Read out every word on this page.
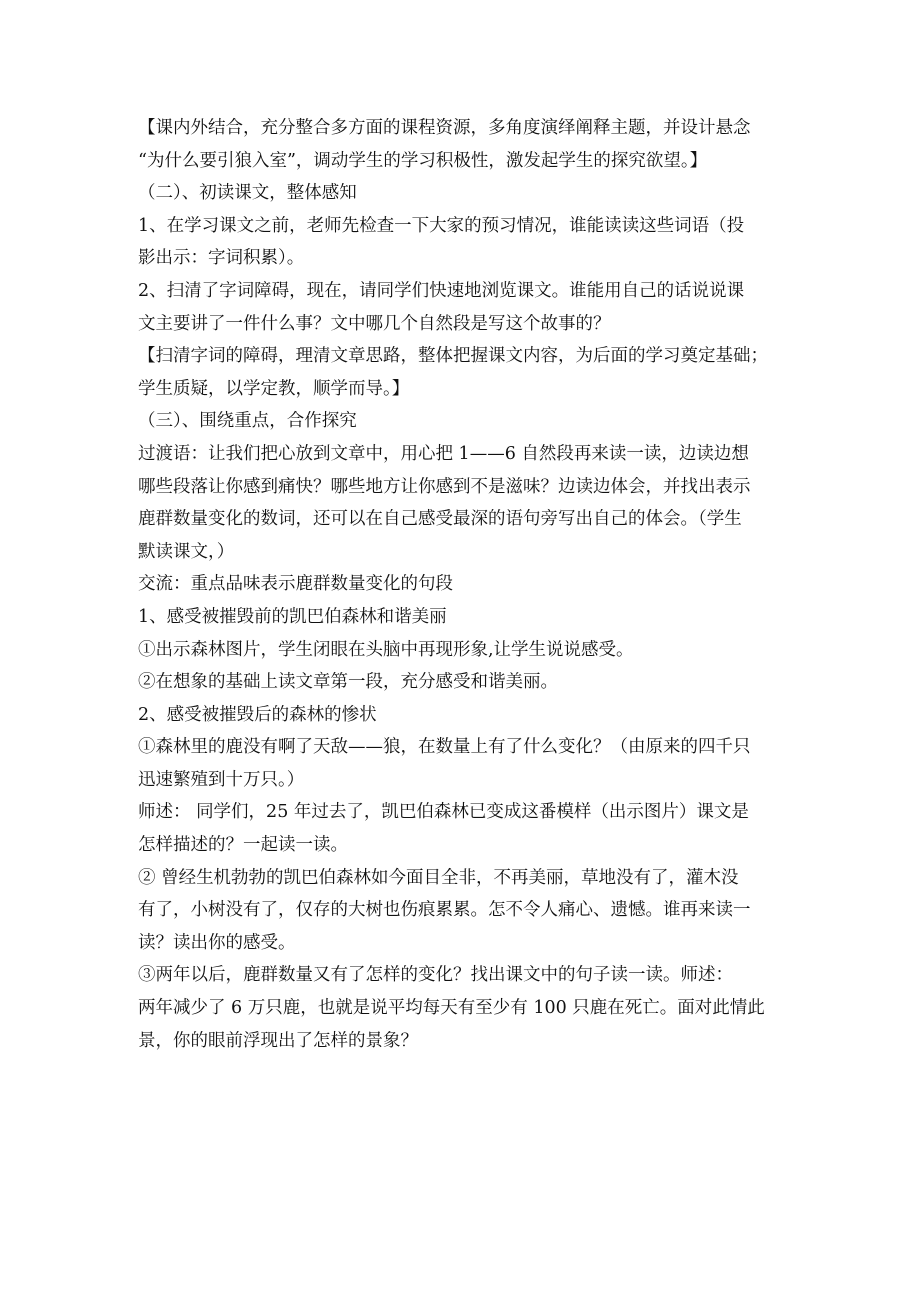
【课内外结合，充分整合多方面的课程资源，多角度演绎阐释主题，并设计悬念
“为什么要引狼入室”，调动学生的学习积极性，激发起学生的探究欲望。】

（二）、初读课文，整体感知

1、在学习课文之前，老师先检查一下大家的预习情况，谁能读读这些词语（投
影出示：字词积累）。

2、扫清了字词障碍，现在，请同学们快速地浏览课文。谁能用自己的话说说课
文主要讲了一件什么事？文中哪几个自然段是写这个故事的？

【扫清字词的障碍，理清文章思路，整体把握课文内容，为后面的学习奠定基础；
学生质疑，以学定教，顺学而导。】

（三）、围绕重点，合作探究

过渡语：让我们把心放到文章中，用心把 1——6 自然段再来读一读，边读边想
哪些段落让你感到痛快？哪些地方让你感到不是滋味？边读边体会，并找出表示
鹿群数量变化的数词，还可以在自己感受最深的语句旁写出自己的体会。（学生
默读课文，）

交流：重点品味表示鹿群数量变化的句段

1、感受被摧毁前的凯巴伯森林和谐美丽

①出示森林图片，学生闭眼在头脑中再现形象,让学生说说感受。

②在想象的基础上读文章第一段，充分感受和谐美丽。

2、感受被摧毁后的森林的惨状

①森林里的鹿没有啊了天敌——狼，在数量上有了什么变化？（由原来的四千只
迅速繁殖到十万只。）

师述： 同学们，25 年过去了，凯巴伯森林已变成这番模样（出示图片）课文是
怎样描述的？一起读一读。

② 曾经生机勃勃的凯巴伯森林如今面目全非，不再美丽，草地没有了，灌木没
有了，小树没有了，仅存的大树也伤痕累累。怎不令人痛心、遗憾。谁再来读一
读？读出你的感受。

③两年以后，鹿群数量又有了怎样的变化？找出课文中的句子读一读。师述：
两年减少了 6 万只鹿，也就是说平均每天有至少有 100 只鹿在死亡。面对此情此
景，你的眼前浮现出了怎样的景象？
